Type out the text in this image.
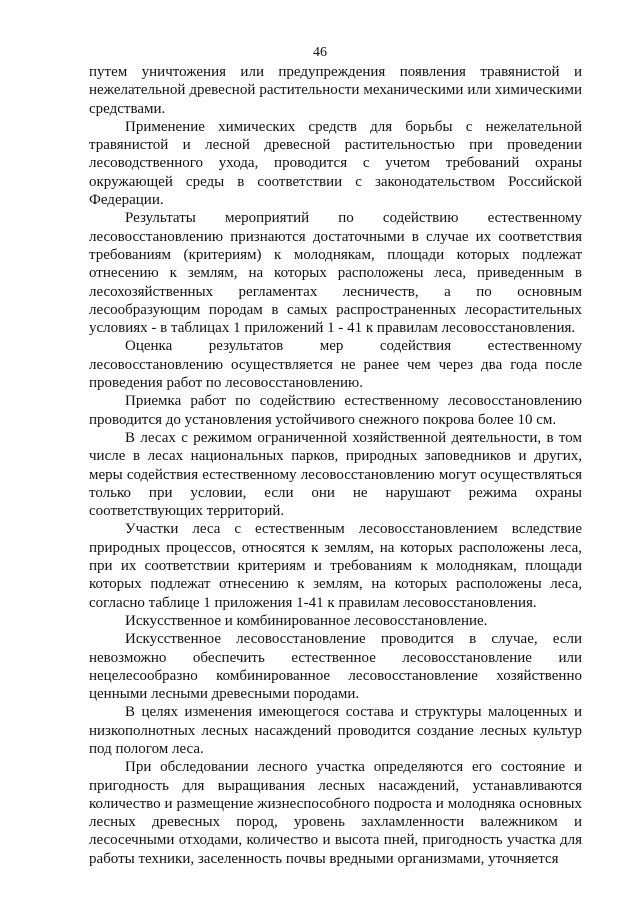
46

путем уничтожения или предупреждения появления травянистой и нежелательной древесной растительности механическими или химическими средствами.

Применение химических средств для борьбы с нежелательной травянистой и лесной древесной растительностью при проведении лесоводственного ухода, проводится с учетом требований охраны окружающей среды в соответствии с законодательством Российской Федерации.

Результаты мероприятий по содействию естественному лесовосстановлению признаются достаточными в случае их соответствия требованиям (критериям) к молоднякам, площади которых подлежат отнесению к землям, на которых расположены леса, приведенным в лесохозяйственных регламентах лесничеств, а по основным лесообразующим породам в самых распространенных лесорастительных условиях - в таблицах 1 приложений 1 - 41 к правилам лесовосстановления.

Оценка результатов мер содействия естественному лесовосстановлению осуществляется не ранее чем через два года после проведения работ по лесовосстановлению.

Приемка работ по содействию естественному лесовосстановлению проводится до установления устойчивого снежного покрова более 10 см.

В лесах с режимом ограниченной хозяйственной деятельности, в том числе в лесах национальных парков, природных заповедников и других, меры содействия естественному лесовосстановлению могут осуществляться только при условии, если они не нарушают режима охраны соответствующих территорий.

Участки леса с естественным лесовосстановлением вследствие природных процессов, относятся к землям, на которых расположены леса, при их соответствии критериям и требованиям к молоднякам, площади которых подлежат отнесению к землям, на которых расположены леса, согласно таблице 1 приложения 1-41 к правилам лесовосстановления.

Искусственное и комбинированное лесовосстановление.

Искусственное лесовосстановление проводится в случае, если невозможно обеспечить естественное лесовосстановление или нецелесообразно комбинированное лесовосстановление хозяйственно ценными лесными древесными породами.

В целях изменения имеющегося состава и структуры малоценных и низкополнотных лесных насаждений проводится создание лесных культур под пологом леса.

При обследовании лесного участка определяются его состояние и пригодность для выращивания лесных насаждений, устанавливаются количество и размещение жизнеспособного подроста и молодняка основных лесных древесных пород, уровень захламленности валежником и лесосечными отходами, количество и высота пней, пригодность участка для работы техники, заселенность почвы вредными организмами, уточняется
